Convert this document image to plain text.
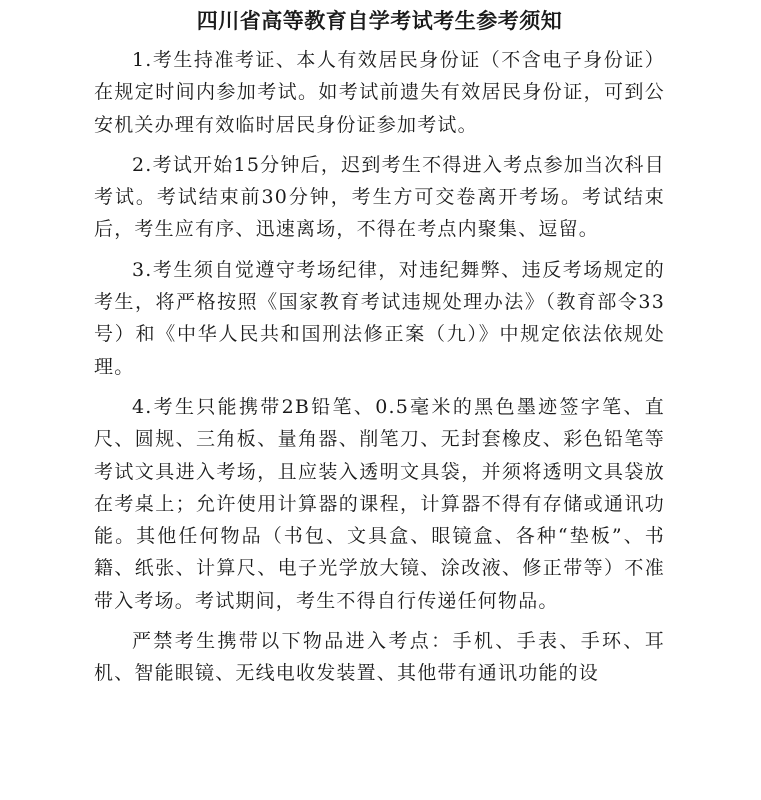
四川省高等教育自学考试考生参考须知

1.考生持准考证、本人有效居民身份证（不含电子身份证）在规定时间内参加考试。如考试前遗失有效居民身份证，可到公安机关办理有效临时居民身份证参加考试。

2.考试开始15分钟后，迟到考生不得进入考点参加当次科目考试。考试结束前30分钟，考生方可交卷离开考场。考试结束后，考生应有序、迅速离场，不得在考点内聚集、逗留。

3.考生须自觉遵守考场纪律，对违纪舞弊、违反考场规定的考生，将严格按照《国家教育考试违规处理办法》（教育部令33号）和《中华人民共和国刑法修正案（九）》中规定依法依规处理。

4.考生只能携带2B铅笔、0.5毫米的黑色墨迹签字笔、直尺、圆规、三角板、量角器、削笔刀、无封套橡皮、彩色铅笔等考试文具进入考场，且应装入透明文具袋，并须将透明文具袋放在考桌上；允许使用计算器的课程，计算器不得有存储或通讯功能。其他任何物品（书包、文具盒、眼镜盒、各种“垫板”、书籍、纸张、计算尺、电子光学放大镜、涂改液、修正带等）不准带入考场。考试期间，考生不得自行传递任何物品。

严禁考生携带以下物品进入考点：手机、手表、手环、耳机、智能眼镜、无线电收发装置、其他带有通讯功能的设
